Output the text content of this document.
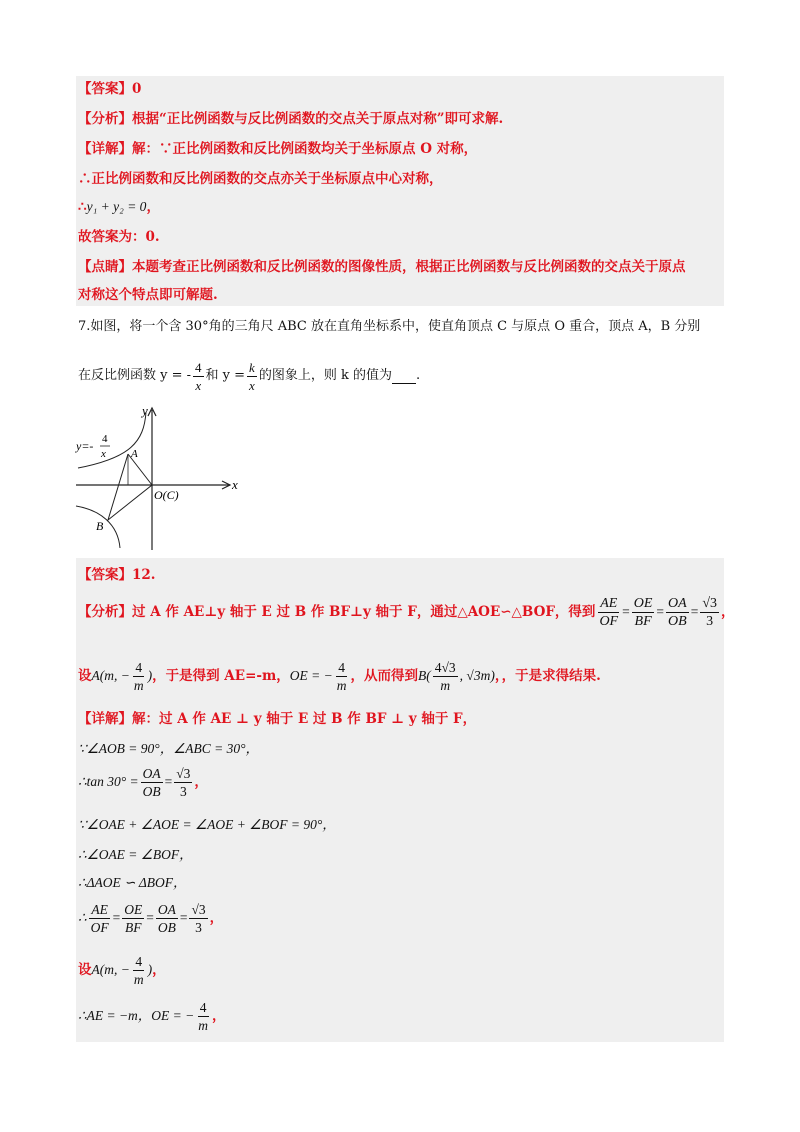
【答案】0
【分析】根据“正比例函数与反比例函数的交点关于原点对称”即可求解.
【详解】解：∵正比例函数和反比例函数均关于坐标原点 O 对称，
∴正比例函数和反比例函数的交点亦关于坐标原点中心对称，
∴y₁ + y₂ = 0，
故答案为：0.
【点睛】本题考查正比例函数和反比例函数的图像性质，根据正比例函数与反比例函数的交点关于原点
对称这个特点即可解题.
7.如图，将一个含 30°角的三角尺 ABC 放在直角坐标系中，使直角顶点 C 与原点 O 重合，顶点 A，B 分别
在反比例函数 y = - $\frac{4}{x}$ 和 $y = \frac{k}{x}$ 的图象上，则 k 的值为 .
y
x
A
B
O(C)
y=- 4
x
【答案】12.
【分析】 过 A 作 AE⊥y 轴于 E 过 B 作 BF⊥y 轴于 F，通过△AOE∽△BOF，得到 $\frac{AE}{OF} = \frac{OE}{BF} = \frac{OA}{OB} = \frac{√3}{3}$ ，
设 A(m, − $\frac{4}{m}$ ) ，于是得到 AE=-m， OE = − $\frac{4}{m}$ ，从而得到 $B( \frac{4√3}{m}$ , √3m) ，，于是求得结果.
【详解】解：过 A 作 AE ⊥ y 轴于 E 过 B 作 BF ⊥ y 轴于 F，
∵∠AOB = 90°，∠ABC = 30°，
∴tan $30^\circ = \frac{OA}{OB} = \frac{√3}{3}$ ，
∵∠OAE + ∠AOE = ∠AOE + ∠BOF = 90°，
∴∠OAE = ∠BOF，
∴ΔAOE ∽ ΔBOF，
∴ $\frac{AE}{OF} = \frac{OE}{BF} = \frac{OA}{OB} = \frac{√3}{3}$ ，
设 A(m, − $\frac{4}{m}$ ) ，
∴AE = −m，OE = − $\frac{4}{m}$ ，
